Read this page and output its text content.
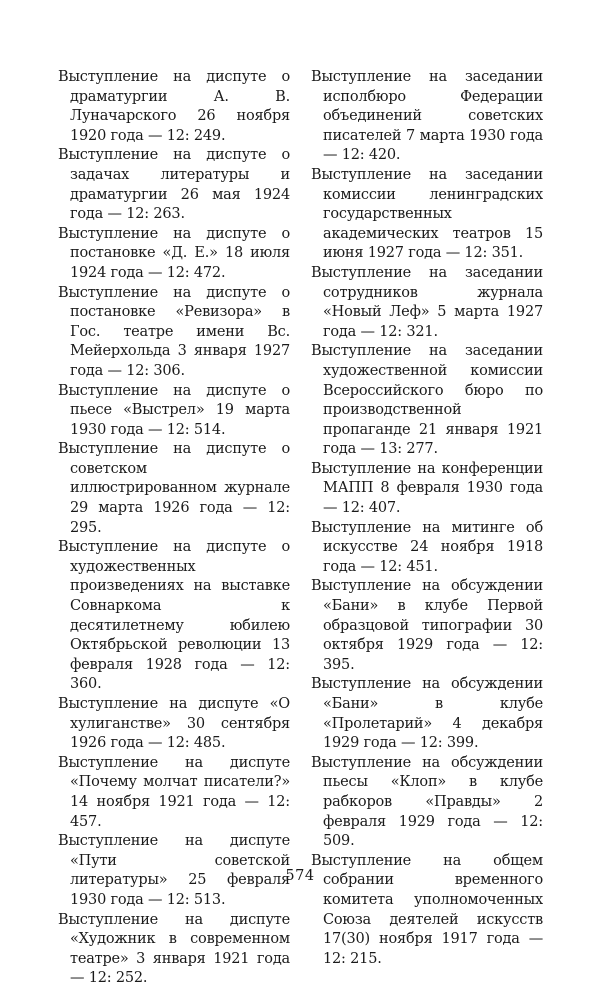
Выступление на диспуте о драматургии А. В. Луначарского 26 ноября 1920 года — 12: 249.

Выступление на диспуте о задачах литературы и драматургии 26 мая 1924 года — 12: 263.

Выступление на диспуте о постановке «Д. Е.» 18 июля 1924 года — 12: 472.

Выступление на диспуте о постановке «Ревизора» в Гос. театре имени Вс. Мейерхольда 3 января 1927 года — 12: 306.

Выступление на диспуте о пьесе «Выстрел» 19 марта 1930 года — 12: 514.

Выступление на диспуте о советском иллюстрированном журнале 29 марта 1926 года — 12: 295.

Выступление на диспуте о художественных произведениях на выставке Совнаркома к десятилетнему юбилею Октябрьской революции 13 февраля 1928 года — 12: 360.

Выступление на диспуте «О хулиганстве» 30 сентября 1926 года — 12: 485.

Выступление на диспуте «Почему молчат писатели?» 14 ноября 1921 года — 12: 457.

Выступление на диспуте «Пути советской литературы» 25 февраля 1930 года — 12: 513.

Выступление на диспуте «Художник в современном театре» 3 января 1921 года — 12: 252.

Выступление на заседании исполбюро Федерации объединений советских писателей 7 марта 1930 года — 12: 420.

Выступление на заседании комиссии ленинградских государственных академических театров 15 июня 1927 года — 12: 351.

Выступление на заседании сотрудников журнала «Новый Леф» 5 марта 1927 года — 12: 321.

Выступление на заседании художественной комиссии Всероссийского бюро по производственной пропаганде 21 января 1921 года — 13: 277.

Выступление на конференции МАПП 8 февраля 1930 года — 12: 407.

Выступление на митинге об искусстве 24 ноября 1918 года — 12: 451.

Выступление на обсуждении «Бани» в клубе Первой образцовой типографии 30 октября 1929 года — 12: 395.

Выступление на обсуждении «Бани» в клубе «Пролетарий» 4 декабря 1929 года — 12: 399.

Выступление на обсуждении пьесы «Клоп» в клубе рабкоров «Правды» 2 февраля 1929 года — 12: 509.

Выступление на общем собрании временного комитета уполномоченных Союза деятелей искусств 17(30) ноября 1917 года — 12: 215.

574
